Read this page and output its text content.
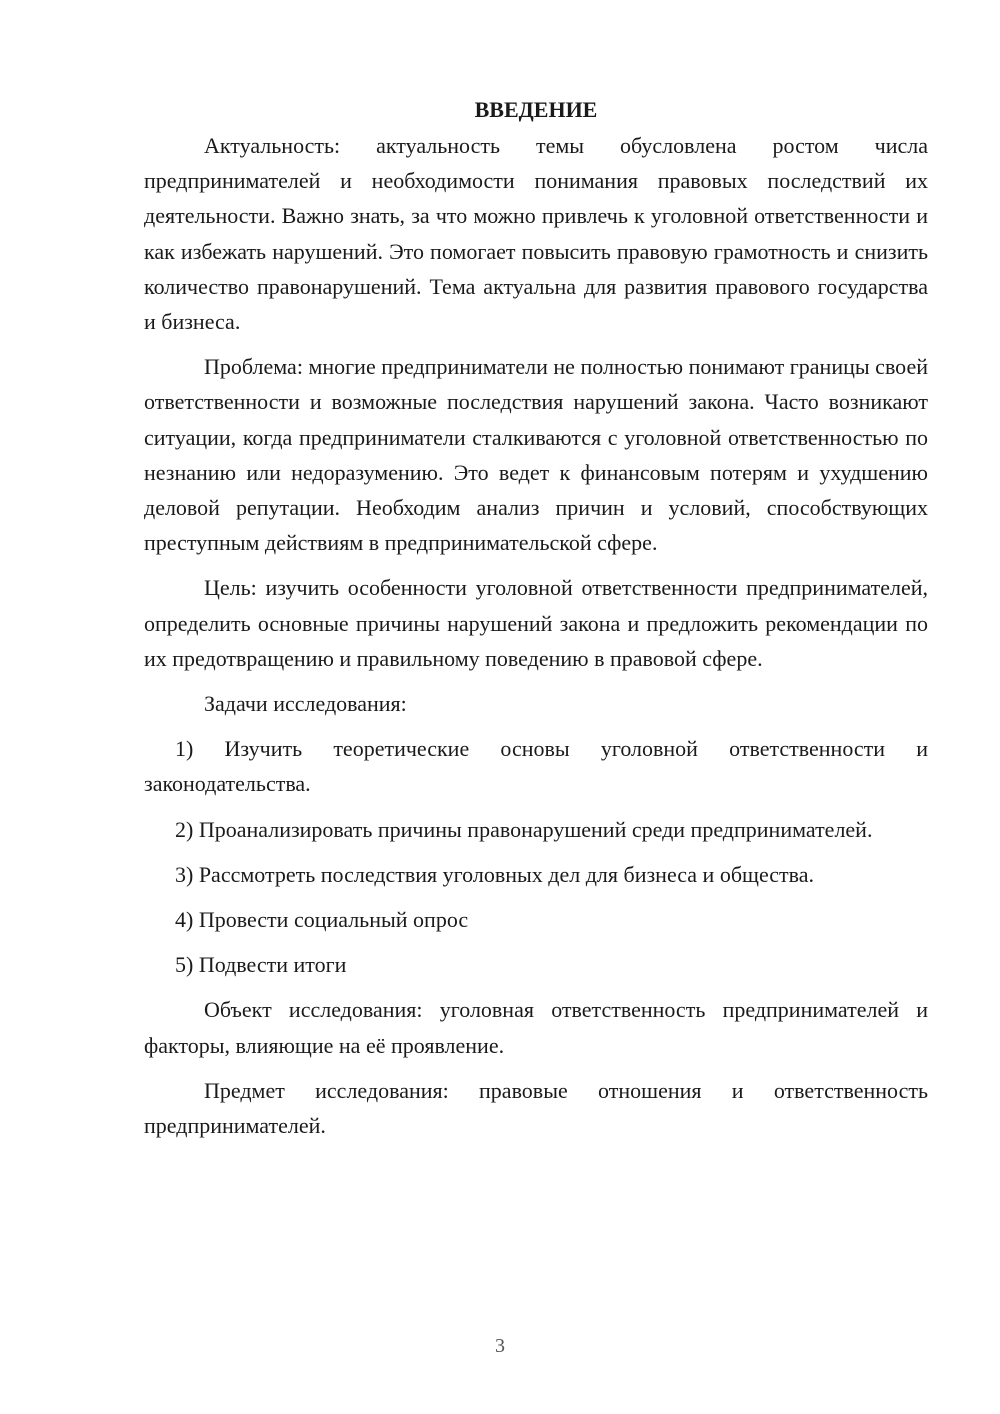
ВВЕДЕНИЕ

Актуальность: актуальность темы обусловлена ростом числа предпринимателей и необходимости понимания правовых последствий их деятельности. Важно знать, за что можно привлечь к уголовной ответственности и как избежать нарушений. Это помогает повысить правовую грамотность и снизить количество правонарушений. Тема актуальна для развития правового государства и бизнеса.

Проблема: многие предприниматели не полностью понимают границы своей ответственности и возможные последствия нарушений закона. Часто возникают ситуации, когда предприниматели сталкиваются с уголовной ответственностью по незнанию или недоразумению. Это ведет к финансовым потерям и ухудшению деловой репутации. Необходим анализ причин и условий, способствующих преступным действиям в предпринимательской сфере.

Цель: изучить особенности уголовной ответственности предпринимателей, определить основные причины нарушений закона и предложить рекомендации по их предотвращению и правильному поведению в правовой сфере.

Задачи исследования:

1) Изучить теоретические основы уголовной ответственности и законодательства.

2) Проанализировать причины правонарушений среди предпринимателей.

3) Рассмотреть последствия уголовных дел для бизнеса и общества.

4) Провести социальный опрос

5) Подвести итоги

Объект исследования: уголовная ответственность предпринимателей и факторы, влияющие на её проявление.

Предмет исследования: правовые отношения и ответственность предпринимателей.

3
